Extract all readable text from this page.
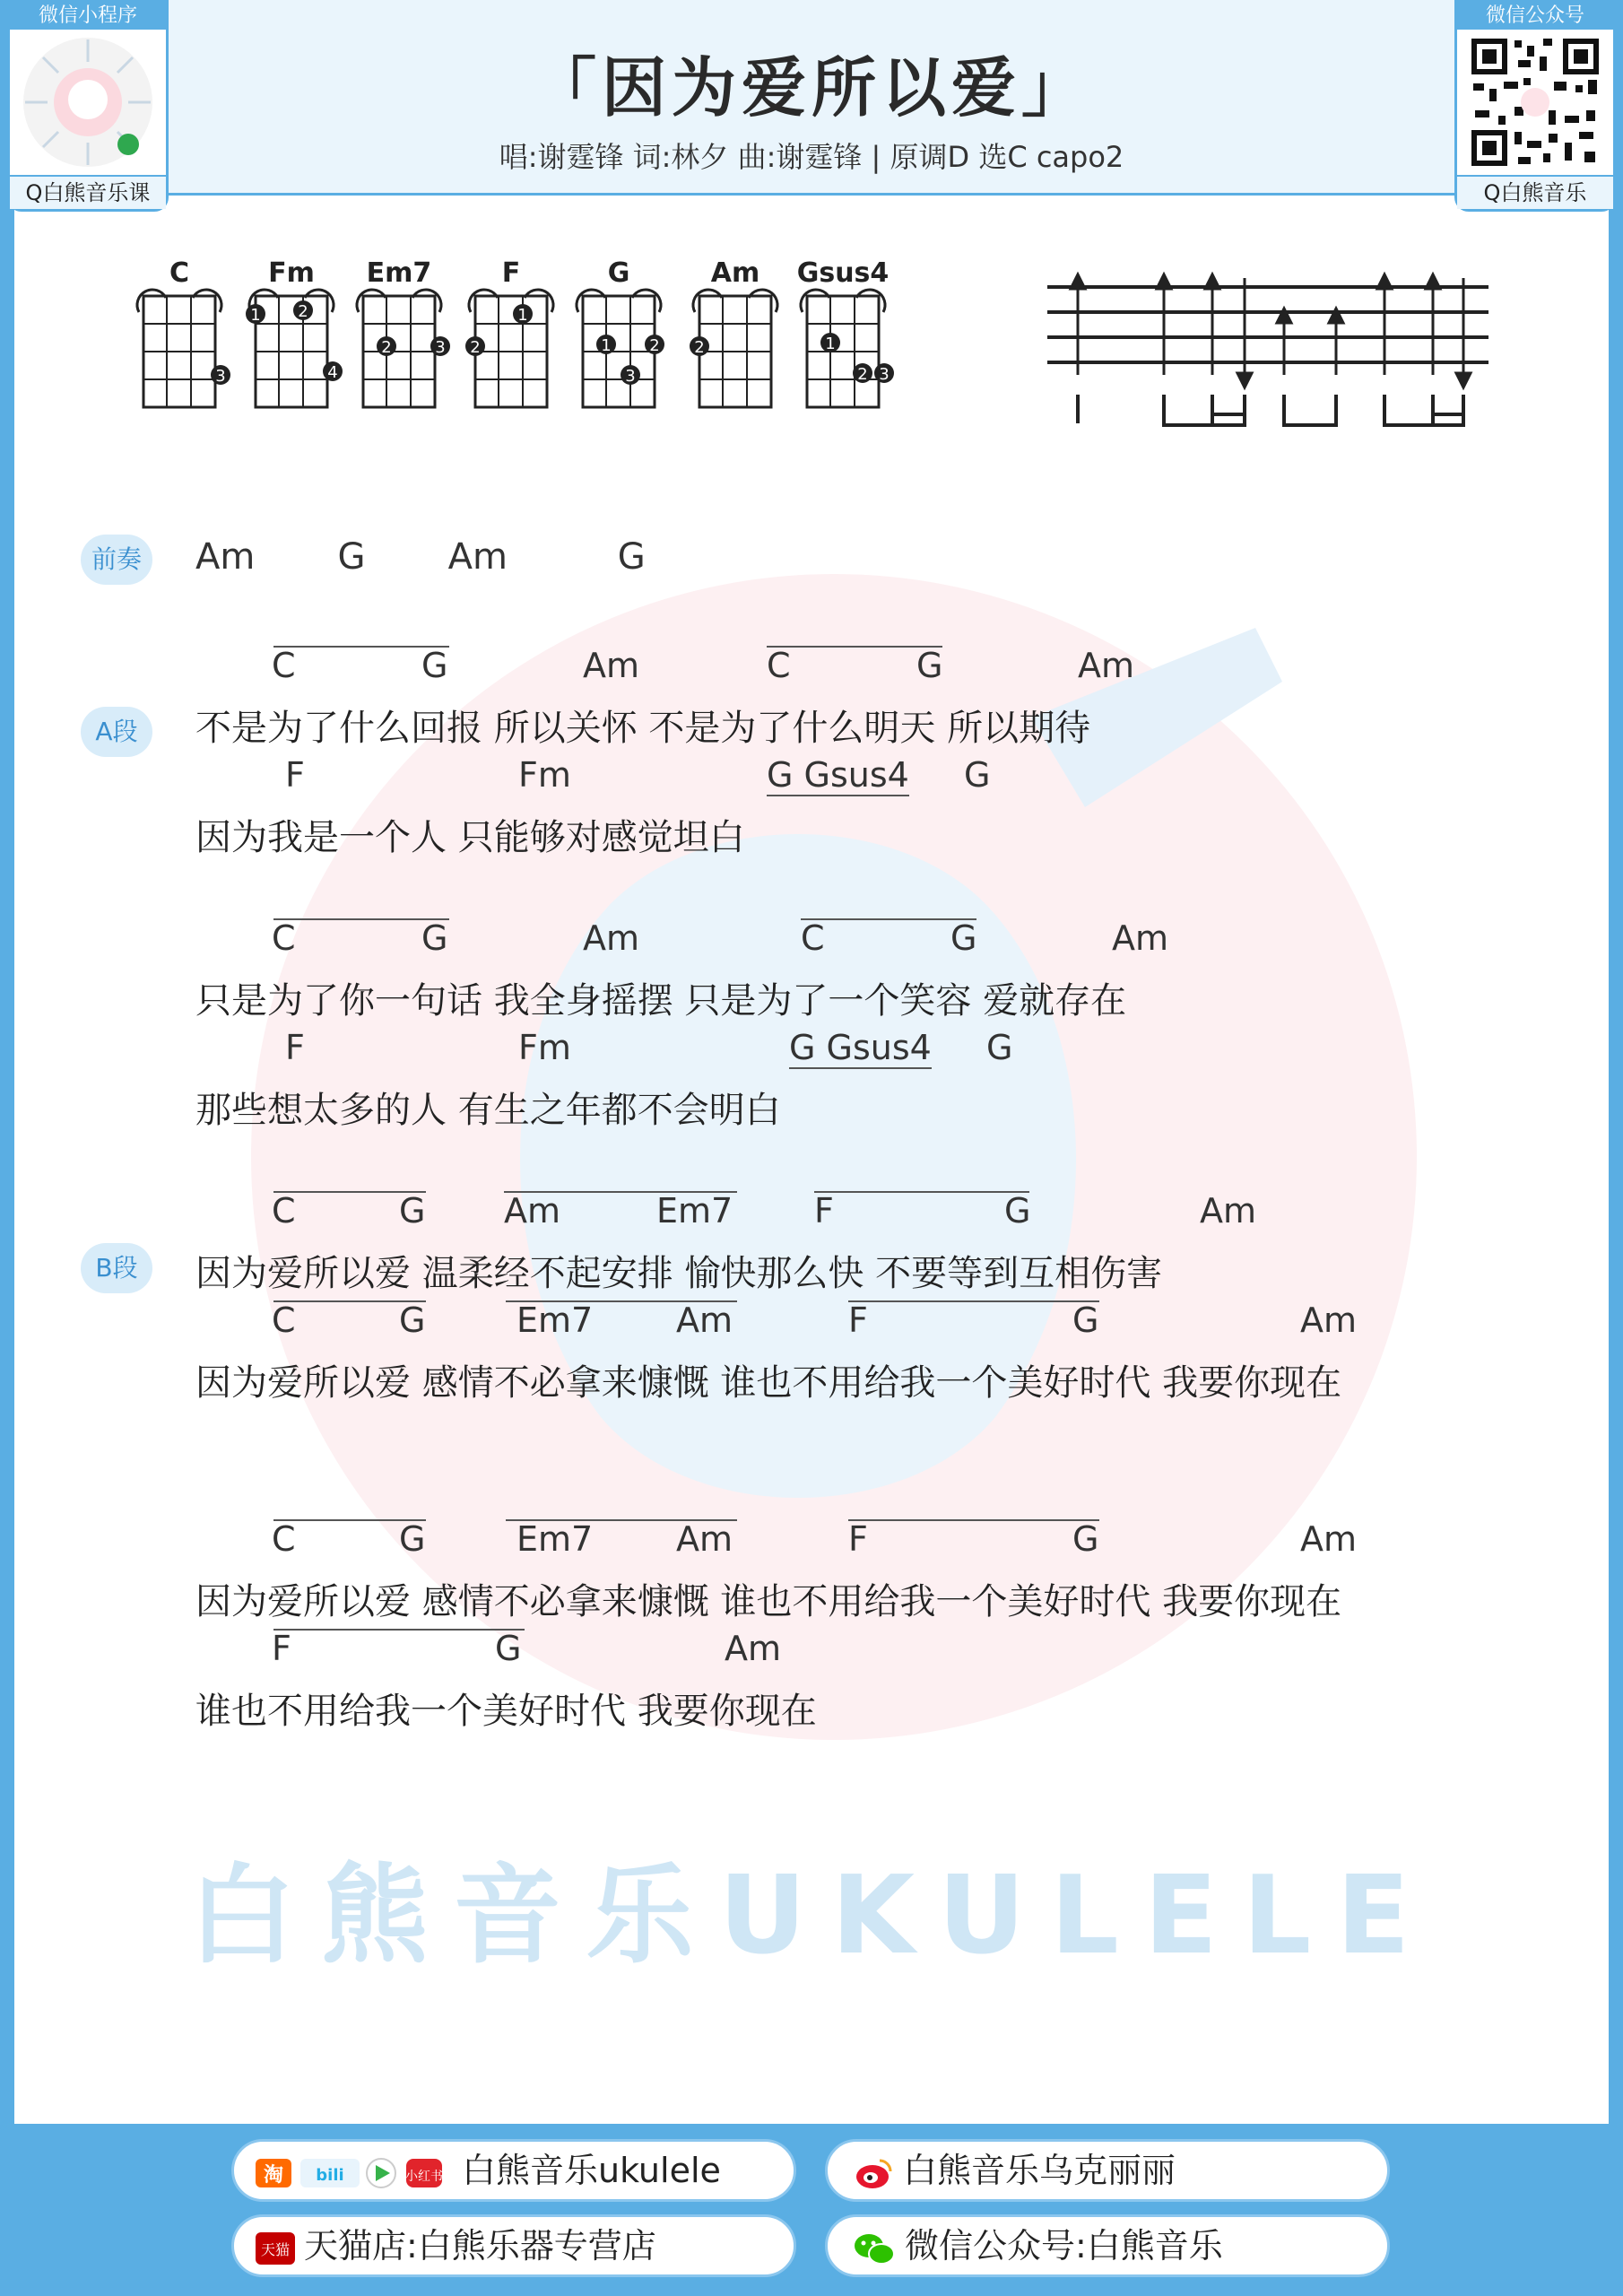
「因为爱所以爱」
唱:谢霆锋 词:林夕 曲:谢霆锋 | 原调D 选C capo2
微信小程序
Q白熊音乐课
微信公众号
Q白熊音乐
C
3
Fm
1 2
4
Em7
2	3
F
2
1
G
1 2
3
Am
2
Gsus4
1
2 3
白熊音乐UKULELE
前奏
A段
B段
Am   G   Am    G
C	G	Am	C	G	Am
不是为了什么回报 所以关怀 不是为了什么明天 所以期待
F	Fm	G Gsus4 G
因为我是一个人 只能够对感觉坦白
C	G	Am	C	G	Am
只是为了你一句话 我全身摇摆 只是为了一个笑容 爱就存在
F	Fm	G Gsus4 G
那些想太多的人 有生之年都不会明白
C	G Am	Em7 F	G	Am
因为爱所以爱 温柔经不起安排 愉快那么快 不要等到互相伤害
C	G	Em7 Am	F	G	Am
因为爱所以爱 感情不必拿来慷慨 谁也不用给我一个美好时代 我要你现在
C	G	Em7 Am	F	G	Am
因为爱所以爱 感情不必拿来慷慨 谁也不用给我一个美好时代 我要你现在
F	G	Am
谁也不用给我一个美好时代 我要你现在
淘 bili	小红书 白熊音乐ukulele	白熊音乐乌克丽丽
天猫 天猫店:白熊乐器专营店	微信公众号:白熊音乐
